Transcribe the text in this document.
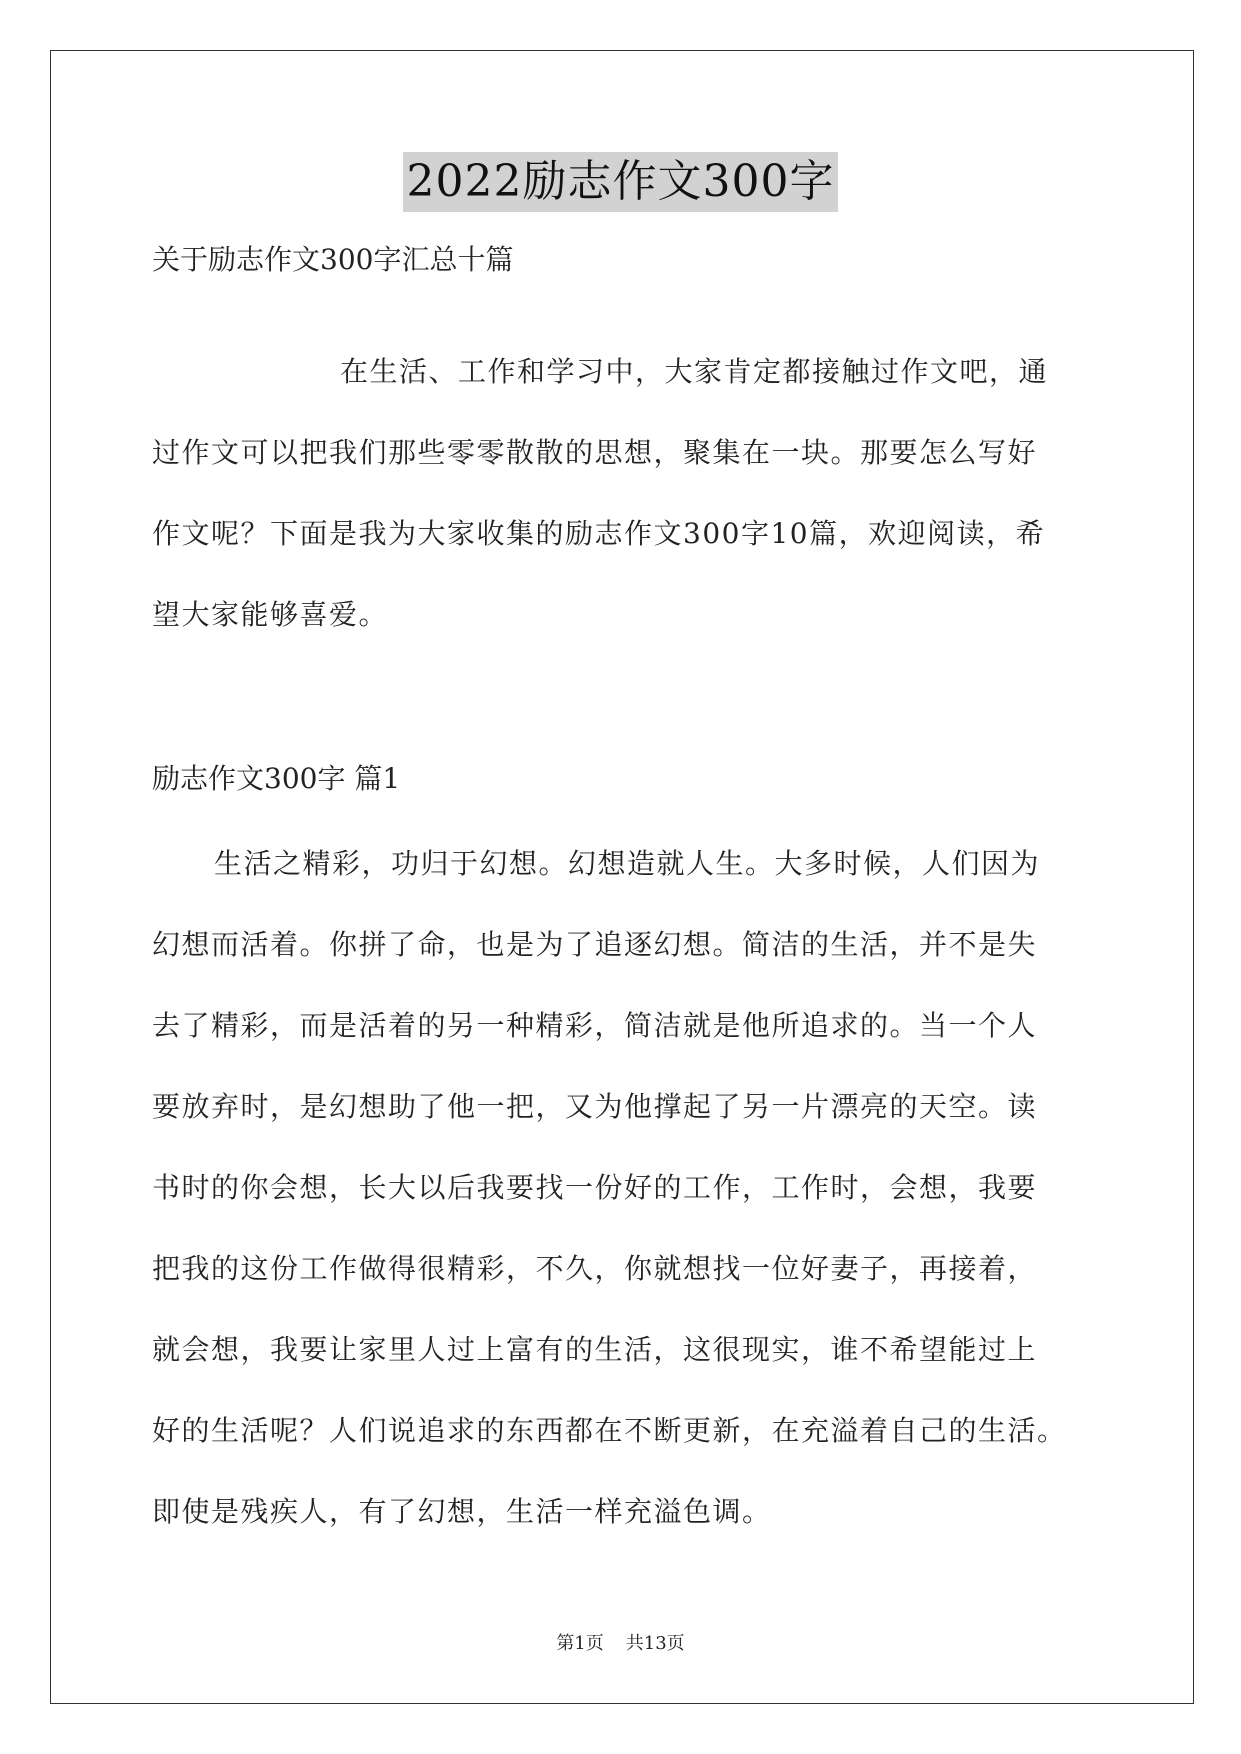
2022励志作文300字
关于励志作文300字汇总十篇
在生活、工作和学习中，大家肯定都接触过作文吧，通
过作文可以把我们那些零零散散的思想，聚集在一块。那要怎么写好
作文呢？下面是我为大家收集的励志作文300字10篇，欢迎阅读，希
望大家能够喜爱。
励志作文300字 篇1
生活之精彩，功归于幻想。幻想造就人生。大多时候，人们因为
幻想而活着。你拼了命，也是为了追逐幻想。简洁的生活，并不是失
去了精彩，而是活着的另一种精彩，简洁就是他所追求的。当一个人
要放弃时，是幻想助了他一把，又为他撑起了另一片漂亮的天空。读
书时的你会想，长大以后我要找一份好的工作，工作时，会想，我要
把我的这份工作做得很精彩，不久，你就想找一位好妻子，再接着，
就会想，我要让家里人过上富有的生活，这很现实，谁不希望能过上
好的生活呢？人们说追求的东西都在不断更新，在充溢着自己的生活。
即使是残疾人，有了幻想，生活一样充溢色调。
第1页 共13页
